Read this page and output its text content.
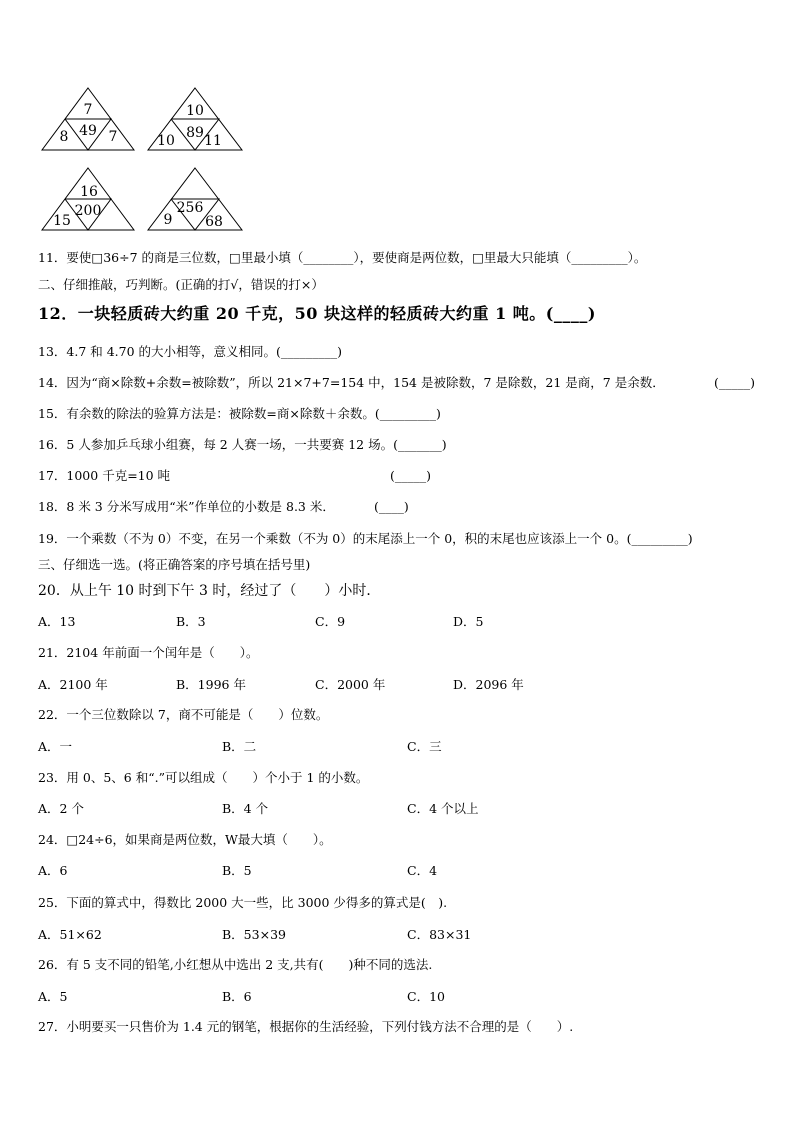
7
49
8	7
10
89
10 11
16
200
15
256
9 68
11．要使□36÷7 的商是三位数，□里最小填（________），要使商是两位数，□里最大只能填（_________）。
二、仔细推敲，巧判断。(正确的打√，错误的打×）
12．一块轻质砖大约重 20 千克，50 块这样的轻质砖大约重 1 吨。(____)
13．4.7 和 4.70 的大小相等，意义相同。(_________)
14．因为“商×除数+余数=被除数”，所以 21×7+7=154 中，154 是被除数，7 是除数，21 是商，7 是余数．	(_____)
15．有余数的除法的验算方法是：被除数=商×除数＋余数。(_________)
16．5 人参加乒乓球小组赛，每 2 人赛一场，一共要赛 12 场。(_______)
17．1000 千克=10 吨	(_____)
18．8 米 3 分米写成用“米”作单位的小数是 8.3 米．	(____)
19．一个乘数（不为 0）不变，在另一个乘数（不为 0）的末尾添上一个 0，积的末尾也应该添上一个 0。(_________)
三、仔细选一选。(将正确答案的序号填在括号里)
20．从上午 10 时到下午 3 时，经过了（　　）小时．
A．13	B．3	C．9	D．5
21．2104 年前面一个闰年是（　　）。
A．2100 年	B．1996 年	C．2000 年	D．2096 年
22．一个三位数除以 7，商不可能是（　　）位数。
A．一	B．二	C．三
23．用 0、5、6 和“.”可以组成（　　）个小于 1 的小数。
A．2 个	B．4 个	C．4 个以上
24．□24÷6，如果商是两位数，W最大填（　　）。
A．6	B．5	C．4
25．下面的算式中，得数比 2000 大一些，比 3000 少得多的算式是(　).
A．51×62	B．53×39	C．83×31
26．有 5 支不同的铅笔,小红想从中选出 2 支,共有(　　)种不同的选法.
A．5	B．6	C．10
27．小明要买一只售价为 1.4 元的钢笔，根据你的生活经验，下列付钱方法不合理的是（　　）.
